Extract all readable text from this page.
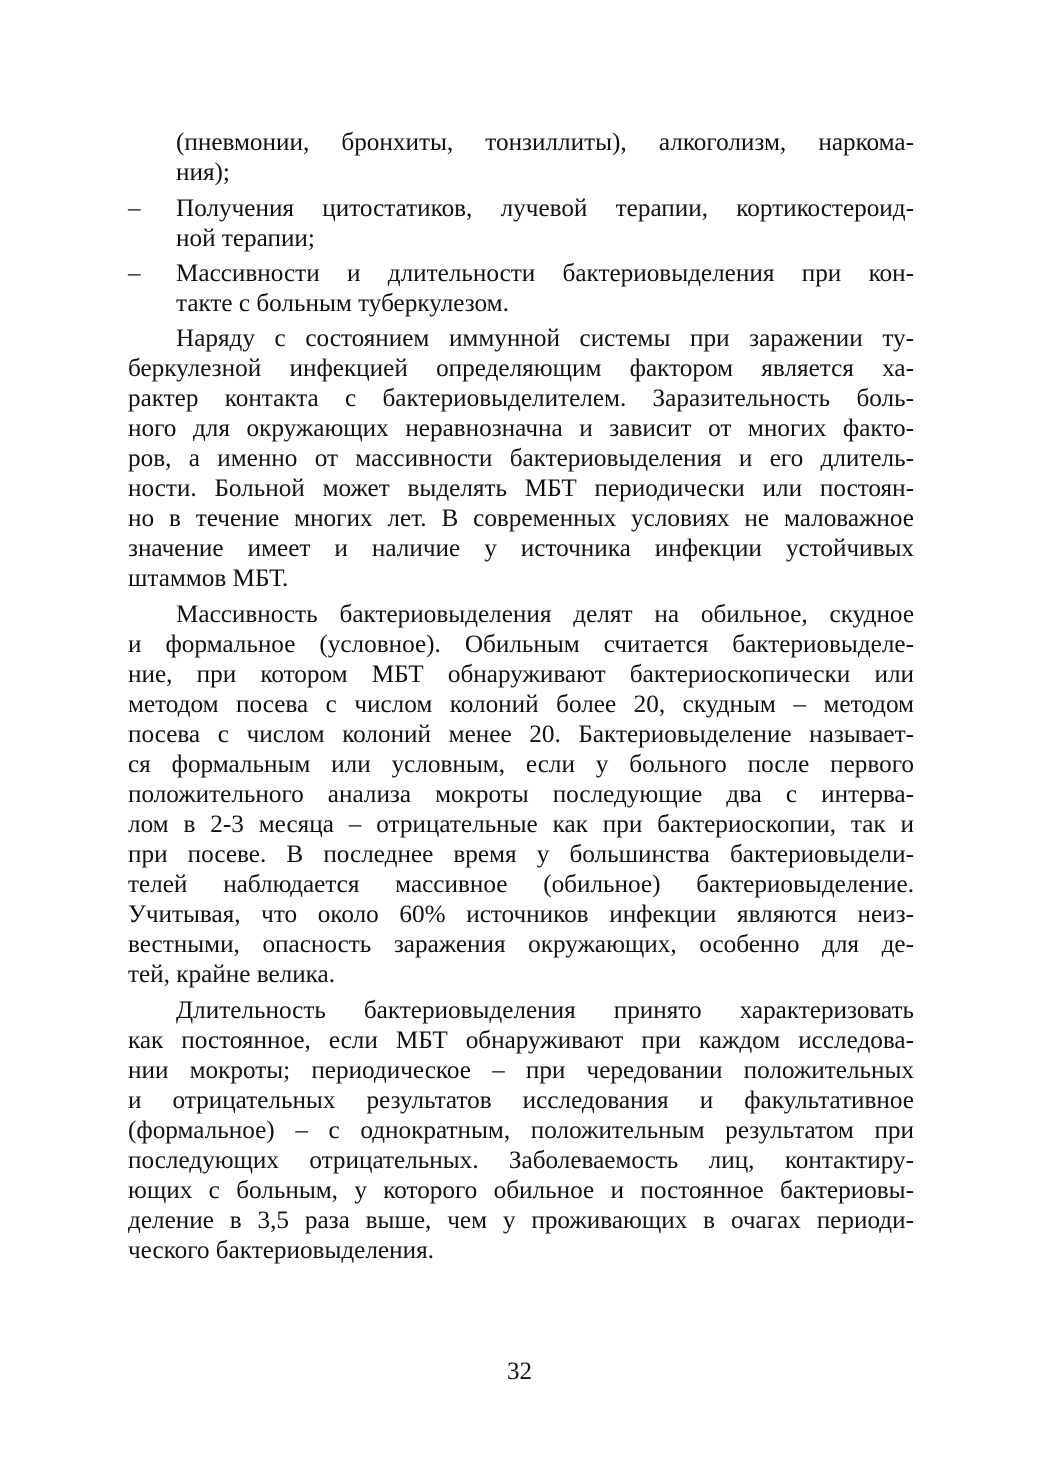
(пневмонии, бронхиты, тонзиллиты), алкоголизм, наркома-
ния);
– Получения цитостатиков, лучевой терапии, кортикостероид-
ной терапии;
– Массивности и длительности бактериовыделения при кон-
такте с больным туберкулезом.
Наряду с состоянием иммунной системы при заражении ту-
беркулезной инфекцией определяющим фактором является ха-
рактер контакта с бактериовыделителем. Заразительность боль-
ного для окружающих неравнозначна и зависит от многих факто-
ров, а именно от массивности бактериовыделения и его длитель-
ности. Больной может выделять МБТ периодически или постоян-
но в течение многих лет. В современных условиях не маловажное
значение имеет и наличие у источника инфекции устойчивых
штаммов МБТ.
Массивность бактериовыделения делят на обильное, скудное
и формальное (условное). Обильным считается бактериовыделе-
ние, при котором МБТ обнаруживают бактериоскопически или
методом посева с числом колоний более 20, скудным – методом
посева с числом колоний менее 20. Бактериовыделение называет-
ся формальным или условным, если у больного после первого
положительного анализа мокроты последующие два с интерва-
лом в 2-3 месяца – отрицательные как при бактериоскопии, так и
при посеве. В последнее время у большинства бактериовыдели-
телей наблюдается массивное (обильное) бактериовыделение.
Учитывая, что около 60% источников инфекции являются неиз-
вестными, опасность заражения окружающих, особенно для де-
тей, крайне велика.
Длительность бактериовыделения принято характеризовать
как постоянное, если МБТ обнаруживают при каждом исследова-
нии мокроты; периодическое – при чередовании положительных
и отрицательных результатов исследования и факультативное
(формальное) – с однократным, положительным результатом при
последующих отрицательных. Заболеваемость лиц, контактиру-
ющих с больным, у которого обильное и постоянное бактериовы-
деление в 3,5 раза выше, чем у проживающих в очагах периоди-
ческого бактериовыделения.
32
